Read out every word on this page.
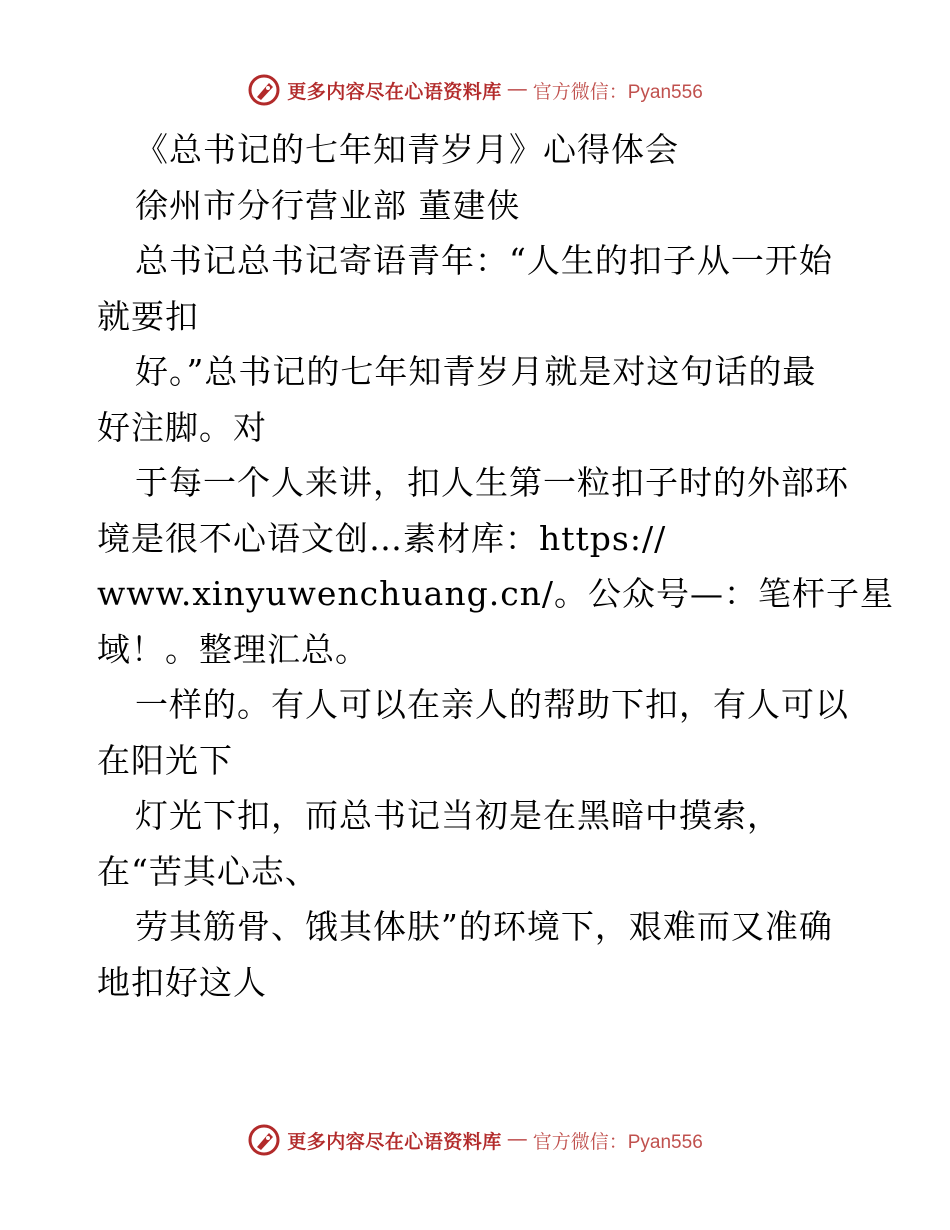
更多内容尽在心语资料库 — 官方微信：Pyan556
《总书记的七年知青岁月》心得体会
徐州市分行营业部 董建侠
总书记总书记寄语青年：“人生的扣子从一开始
就要扣
好。”总书记的七年知青岁月就是对这句话的最
好注脚。对
于每一个人来讲，扣人生第一粒扣子时的外部环
境是很不心语文创…素材库：https://
www.xinyuwenchuang.cn/。公众号—：笔杆子星
域！。整理汇总。
一样的。有人可以在亲人的帮助下扣，有人可以
在阳光下
灯光下扣，而总书记当初是在黑暗中摸索，
在“苦其心志、
劳其筋骨、饿其体肤”的环境下，艰难而又准确
地扣好这人
更多内容尽在心语资料库 — 官方微信：Pyan556
